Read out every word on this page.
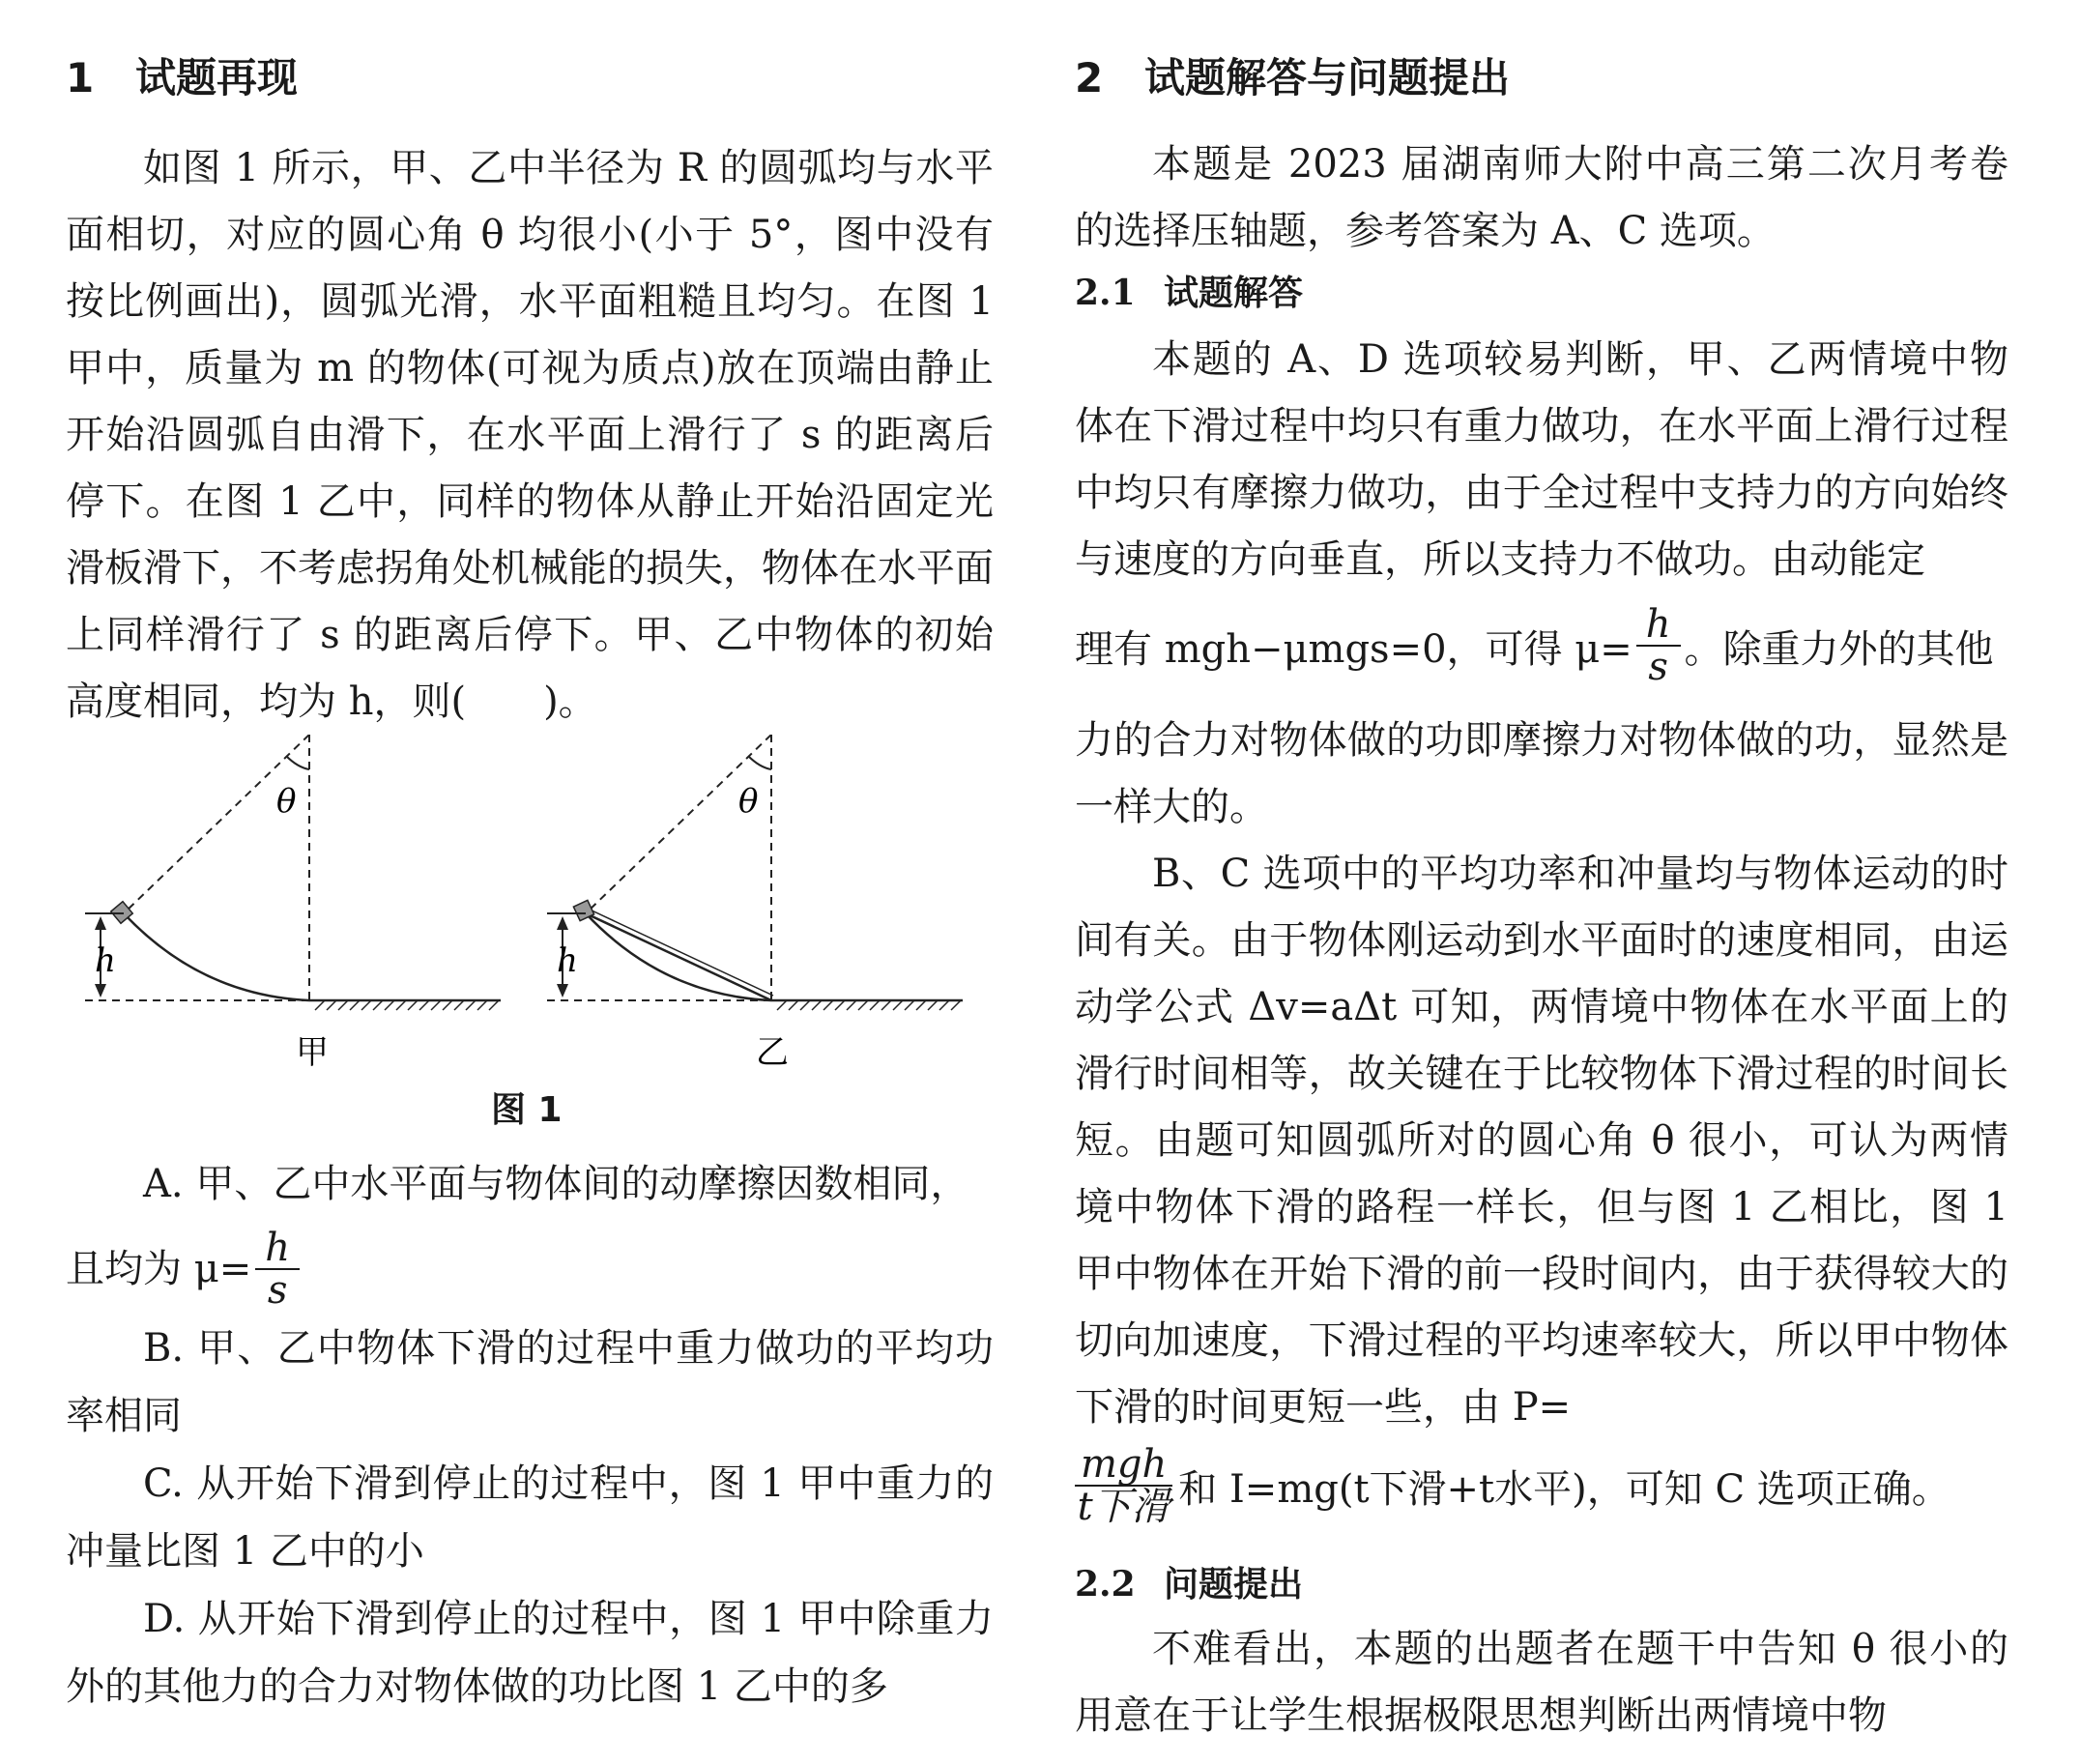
1 试题再现

如图 1 所示，甲、乙中半径为 R 的圆弧均与水平面相切，对应的圆心角 θ 均很小(小于 5°，图中没有按比例画出)，圆弧光滑，水平面粗糙且均匀。在图 1 甲中，质量为 m 的物体(可视为质点)放在顶端由静止开始沿圆弧自由滑下，在水平面上滑行了 s 的距离后停下。在图 1 乙中，同样的物体从静止开始沿固定光滑板滑下，不考虑拐角处机械能的损失，物体在水平面上同样滑行了 s 的距离后停下。甲、乙中物体的初始高度相同，均为 h，则(　　)。

θ
h
甲
θ
h
乙
图 1

A. 甲、乙中水平面与物体间的动摩擦因数相同，

且均为 $\mu= \frac{h}{s}$

B. 甲、乙中物体下滑的过程中重力做功的平均功率相同

C. 从开始下滑到停止的过程中，图 1 甲中重力的冲量比图 1 乙中的小

D. 从开始下滑到停止的过程中，图 1 甲中除重力外的其他力的合力对物体做的功比图 1 乙中的多

2 试题解答与问题提出

本题是 2023 届湖南师大附中高三第二次月考卷的选择压轴题，参考答案为 A、C 选项。

2.1 试题解答

本题的 A、D 选项较易判断，甲、乙两情境中物体在下滑过程中均只有重力做功，在水平面上滑行过程中均只有摩擦力做功，由于全过程中支持力的方向始终与速度的方向垂直，所以支持力不做功。由动能定

理有 mgh−μmgs=0，可得 $\mu= \frac{h}{s}$ 。除重力外的其他

力的合力对物体做的功即摩擦力对物体做的功，显然是一样大的。

B、C 选项中的平均功率和冲量均与物体运动的时间有关。由于物体刚运动到水平面时的速度相同，由运动学公式 Δv=aΔt 可知，两情境中物体在水平面上的滑行时间相等，故关键在于比较物体下滑过程的时间长短。由题可知圆弧所对的圆心角 θ 很小，可认为两情境中物体下滑的路程一样长，但与图 1 乙相比，图 1 甲中物体在开始下滑的前一段时间内，由于获得较大的切向加速度，下滑过程的平均速率较大，所以甲中物体下滑的时间更短一些，由 P=

mgh
t下滑 和 I=mg(t下滑+t水平)，可知 C 选项正确。
2.2 问题提出

不难看出，本题的出题者在题干中告知 θ 很小的用意在于让学生根据极限思想判断出两情境中物
